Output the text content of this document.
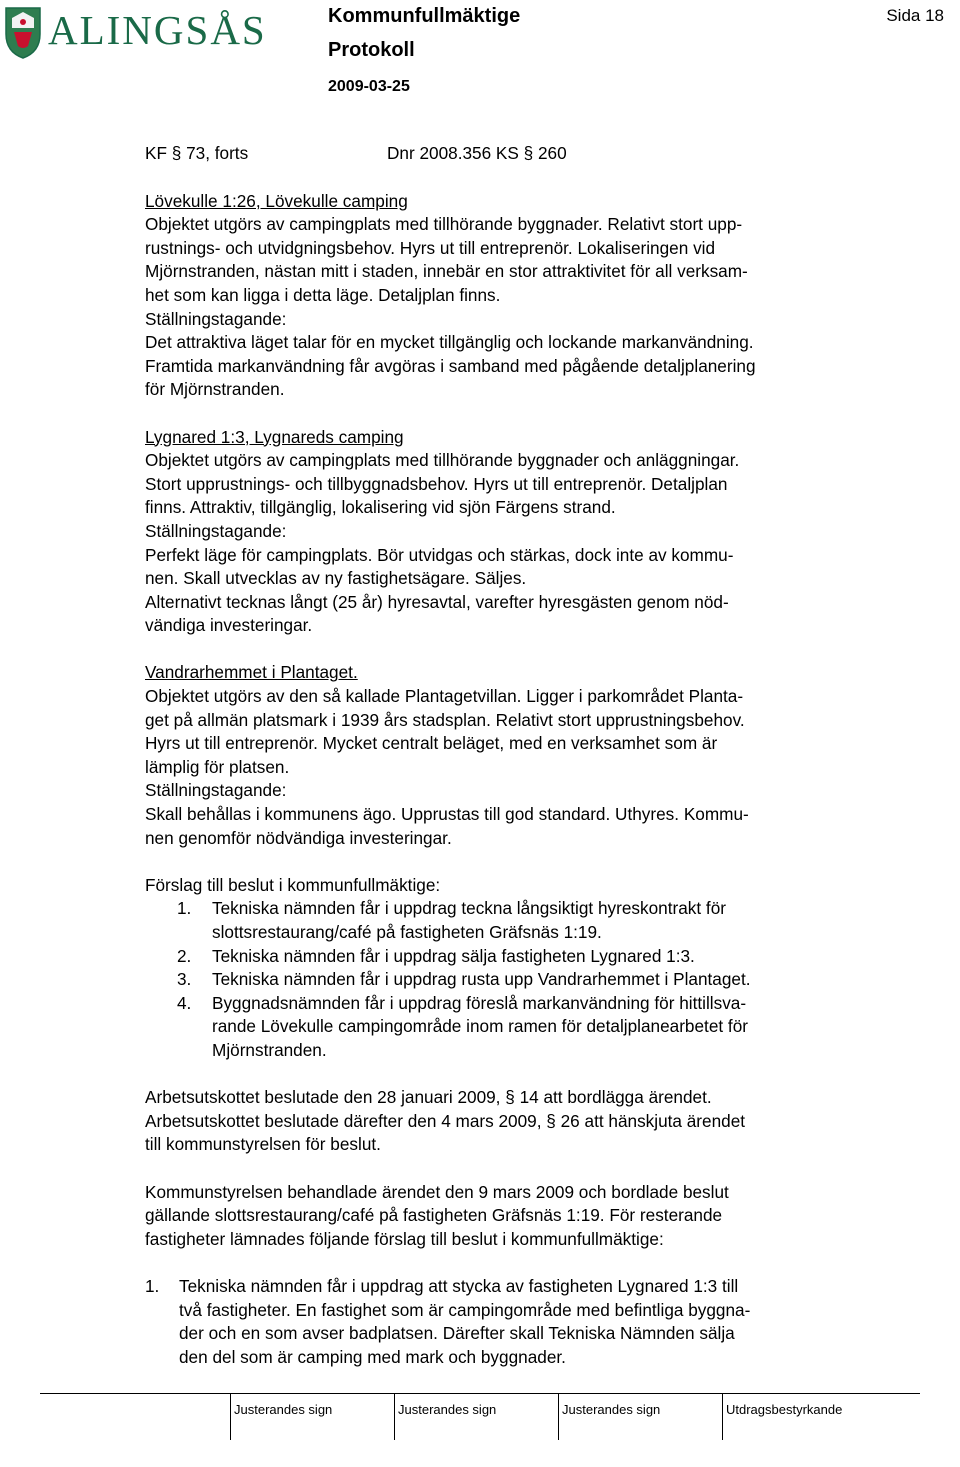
ALINGSÅS	Kommunfullmäktige
Protokoll
2009-03-25
Sida 18
KF § 73, forts	Dnr 2008.356 KS § 260

Lövekulle 1:26, Lövekulle camping

Objektet utgörs av campingplats med tillhörande byggnader. Relativt stort upp-

rustnings- och utvidgningsbehov. Hyrs ut till entreprenör. Lokaliseringen vid

Mjörnstranden, nästan mitt i staden, innebär en stor attraktivitet för all verksam-

het som kan ligga i detta läge. Detaljplan finns.

Ställningstagande:

Det attraktiva läget talar för en mycket tillgänglig och lockande markanvändning.

Framtida markanvändning får avgöras i samband med pågående detaljplanering

för Mjörnstranden.

Lygnared 1:3, Lygnareds camping

Objektet utgörs av campingplats med tillhörande byggnader och anläggningar.

Stort upprustnings- och tillbyggnadsbehov. Hyrs ut till entreprenör. Detaljplan

finns. Attraktiv, tillgänglig, lokalisering vid sjön Färgens strand.

Ställningstagande:

Perfekt läge för campingplats. Bör utvidgas och stärkas, dock inte av kommu-

nen. Skall utvecklas av ny fastighetsägare. Säljes.

Alternativt tecknas långt (25 år) hyresavtal, varefter hyresgästen genom nöd-

vändiga investeringar.

Vandrarhemmet i Plantaget.

Objektet utgörs av den så kallade Plantagetvillan. Ligger i parkområdet Planta-

get på allmän platsmark i 1939 års stadsplan. Relativt stort upprustningsbehov.

Hyrs ut till entreprenör. Mycket centralt beläget, med en verksamhet som är

lämplig för platsen.

Ställningstagande:

Skall behållas i kommunens ägo. Upprustas till god standard. Uthyres. Kommu-

nen genomför nödvändiga investeringar.

Förslag till beslut i kommunfullmäktige:

1. Tekniska nämnden får i uppdrag teckna långsiktigt hyreskontrakt för

slottsrestaurang/café på fastigheten Gräfsnäs 1:19.

2. Tekniska nämnden får i uppdrag sälja fastigheten Lygnared 1:3.

3. Tekniska nämnden får i uppdrag rusta upp Vandrarhemmet i Plantaget.

4. Byggnadsnämnden får i uppdrag föreslå markanvändning för hittillsva-

rande Lövekulle campingområde inom ramen för detaljplanearbetet för

Mjörnstranden.

Arbetsutskottet beslutade den 28 januari 2009, § 14 att bordlägga ärendet.

Arbetsutskottet beslutade därefter den 4 mars 2009, § 26 att hänskjuta ärendet

till kommunstyrelsen för beslut.

Kommunstyrelsen behandlade ärendet den 9 mars 2009 och bordlade beslut

gällande slottsrestaurang/café på fastigheten Gräfsnäs 1:19. För resterande

fastigheter lämnades följande förslag till beslut i kommunfullmäktige:

1. Tekniska nämnden får i uppdrag att stycka av fastigheten Lygnared 1:3 till

två fastigheter. En fastighet som är campingområde med befintliga byggna-

der och en som avser badplatsen. Därefter skall Tekniska Nämnden sälja

den del som är camping med mark och byggnader.

Justerandes sign	Justerandes sign	Justerandes sign	Utdragsbestyrkande
